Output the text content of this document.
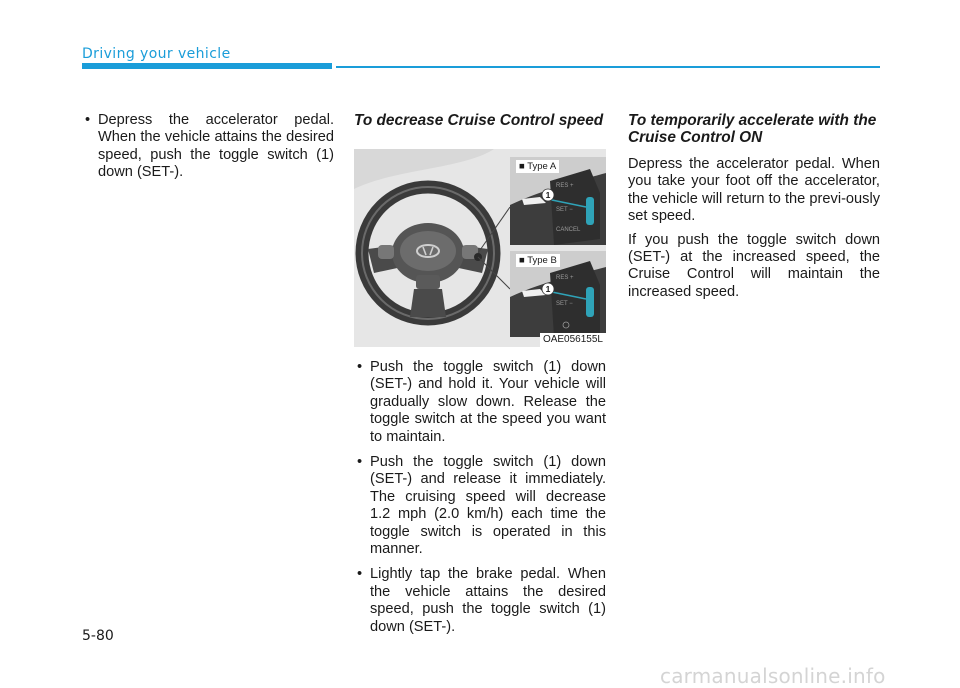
Driving your vehicle
• Depress the accelerator pedal. When the vehicle attains the desired speed, push the toggle switch (1) down (SET-).
To decrease Cruise Control speed
RES +
SET −
CANCEL
1
RES +
SET −
1
■ Type A
■ Type B
OAE056155L
• Push the toggle switch (1) down (SET-) and hold it. Your vehicle will gradually slow down. Release the toggle switch at the speed you want to maintain.
• Push the toggle switch (1) down (SET-) and release it immediately. The cruising speed will decrease 1.2 mph (2.0 km/h) each time the toggle switch is operated in this manner.
• Lightly tap the brake pedal. When the vehicle attains the desired speed, push the toggle switch (1) down (SET-).
To temporarily accelerate with the Cruise Control ON

Depress the accelerator pedal. When you take your foot off the accelerator, the vehicle will return to the previ-ously set speed.

If you push the toggle switch down (SET-) at the increased speed, the Cruise Control will maintain the increased speed.

5-80
carmanualsonline.info
